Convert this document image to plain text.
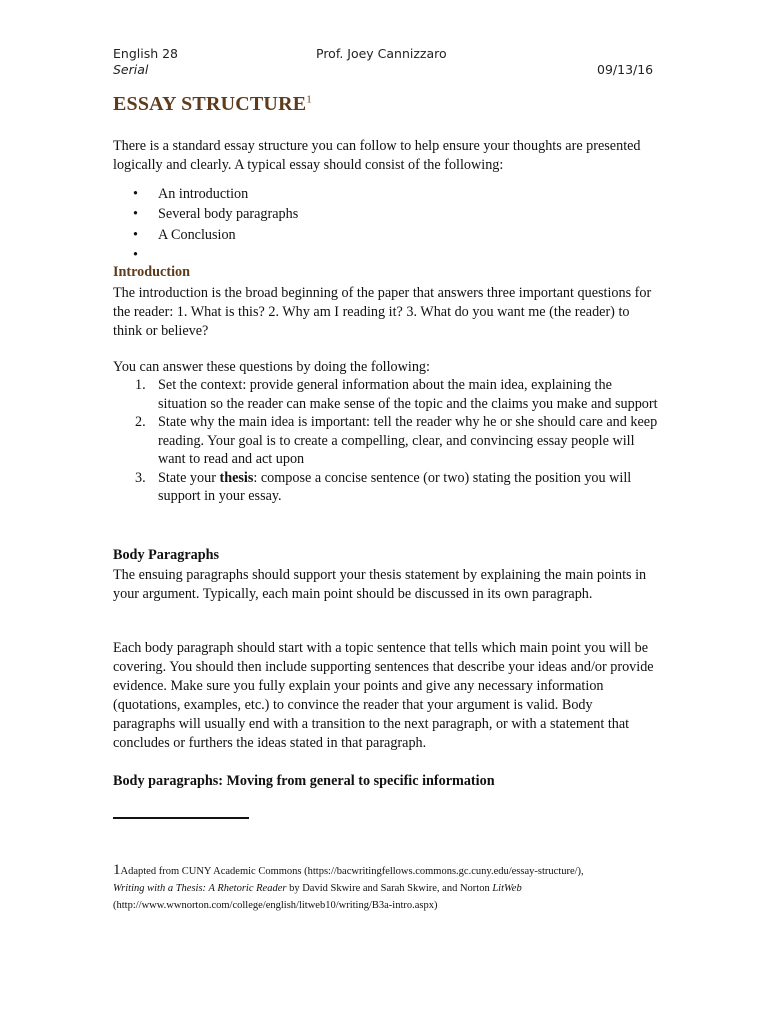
English 28	Prof. Joey Cannizzaro
Serial	09/13/16
ESSAY STRUCTURE$^1$

There is a standard essay structure you can follow to help ensure your thoughts are presented logically and clearly. A typical essay should consist of the following:

• An introduction
• Several body paragraphs
• A Conclusion
•
Introduction

The introduction is the broad beginning of the paper that answers three important questions for the reader: 1. What is this? 2. Why am I reading it? 3. What do you want me (the reader) to think or believe?

You can answer these questions by doing the following:

1. Set the context: provide general information about the main idea, explaining the situation so the reader can make sense of the topic and the claims you make and support
2. State why the main idea is important: tell the reader why he or she should care and keep reading. Your goal is to create a compelling, clear, and convincing essay people will want to read and act upon
3. State your thesis: compose a concise sentence (or two) stating the position you will support in your essay.
Body Paragraphs

The ensuing paragraphs should support your thesis statement by explaining the main points in your argument. Typically, each main point should be discussed in its own paragraph.

Each body paragraph should start with a topic sentence that tells which main point you will be covering. You should then include supporting sentences that describe your ideas and/or provide evidence. Make sure you fully explain your points and give any necessary information (quotations, examples, etc.) to convince the reader that your argument is valid. Body paragraphs will usually end with a transition to the next paragraph, or with a statement that concludes or furthers the ideas stated in that paragraph.

Body paragraphs: Moving from general to specific information
1Adapted from CUNY Academic Commons (https://bacwritingfellows.commons.gc.cuny.edu/essay-structure/),
Writing with a Thesis: A Rhetoric Reader by David Skwire and Sarah Skwire, and Norton LitWeb
(http://www.wwnorton.com/college/english/litweb10/writing/B3a-intro.aspx)
